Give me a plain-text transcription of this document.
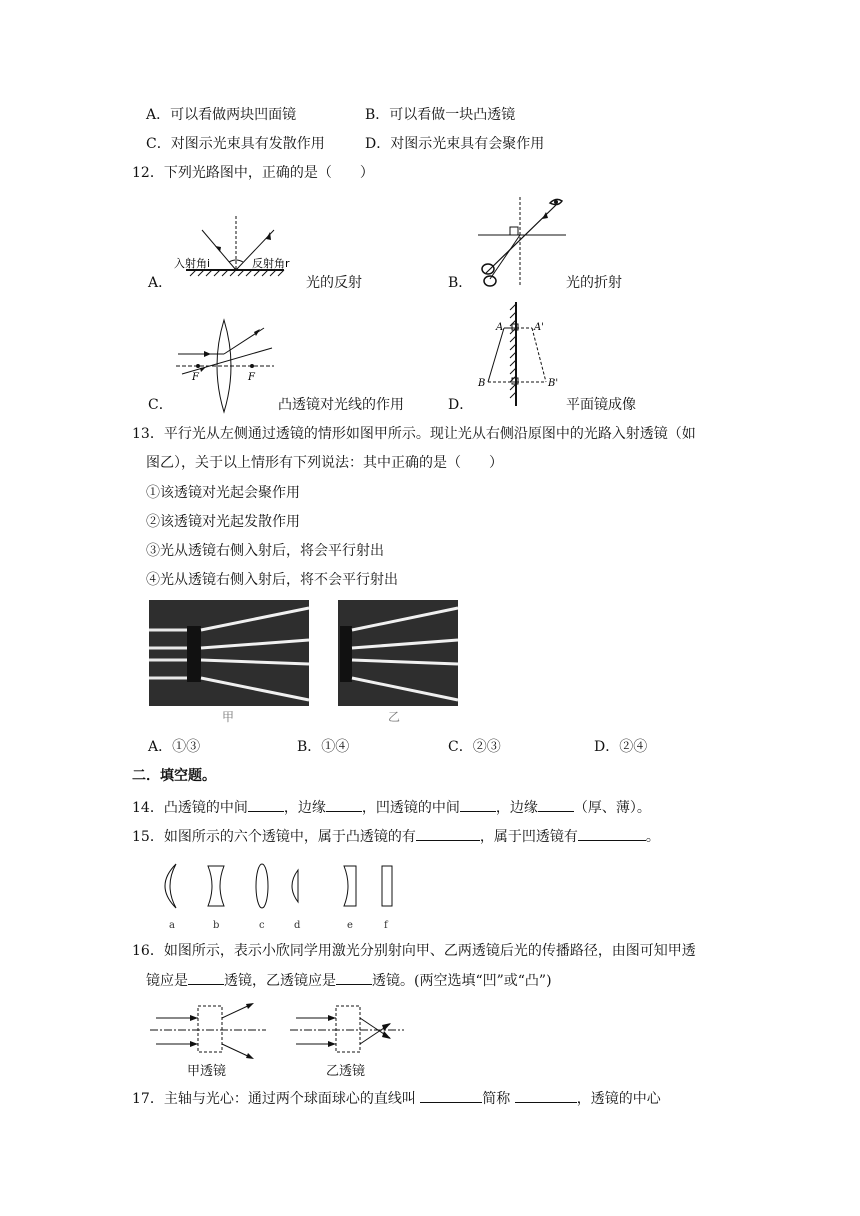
A．可以看做两块凹面镜	B．可以看做一块凸透镜
C．对图示光束具有发散作用	D．对图示光束具有会聚作用
12．下列光路图中，正确的是（　　）
A．
入射角i	反射角r
光的反射	B．	光的折射
C．
F	F
凸透镜对光线的作用	D．
A	A'
B	B'
平面镜成像
13．平行光从左侧通过透镜的情形如图甲所示。现让光从右侧沿原图中的光路入射透镜（如
图乙），关于以上情形有下列说法：其中正确的是（　　）
①该透镜对光起会聚作用
②该透镜对光起发散作用
③光从透镜右侧入射后，将会平行射出
④光从透镜右侧入射后，将不会平行射出
甲	乙
A．①③	B．①④	C．②③	D．②④
二．填空题。
14．凸透镜的中间	，边缘	，凹透镜的中间	，边缘	（厚、薄）。
15．如图所示的六个透镜中，属于凸透镜的有	，属于凹透镜有	。
a	b	c	d	e	f
16．如图所示，表示小欣同学用激光分别射向甲、乙两透镜后光的传播路径，由图可知甲透
镜应是	透镜，乙透镜应是	透镜。(两空选填“凹”或“凸”)
甲透镜	乙透镜
17．主轴与光心：通过两个球面球心的直线叫	简称	，透镜的中心
